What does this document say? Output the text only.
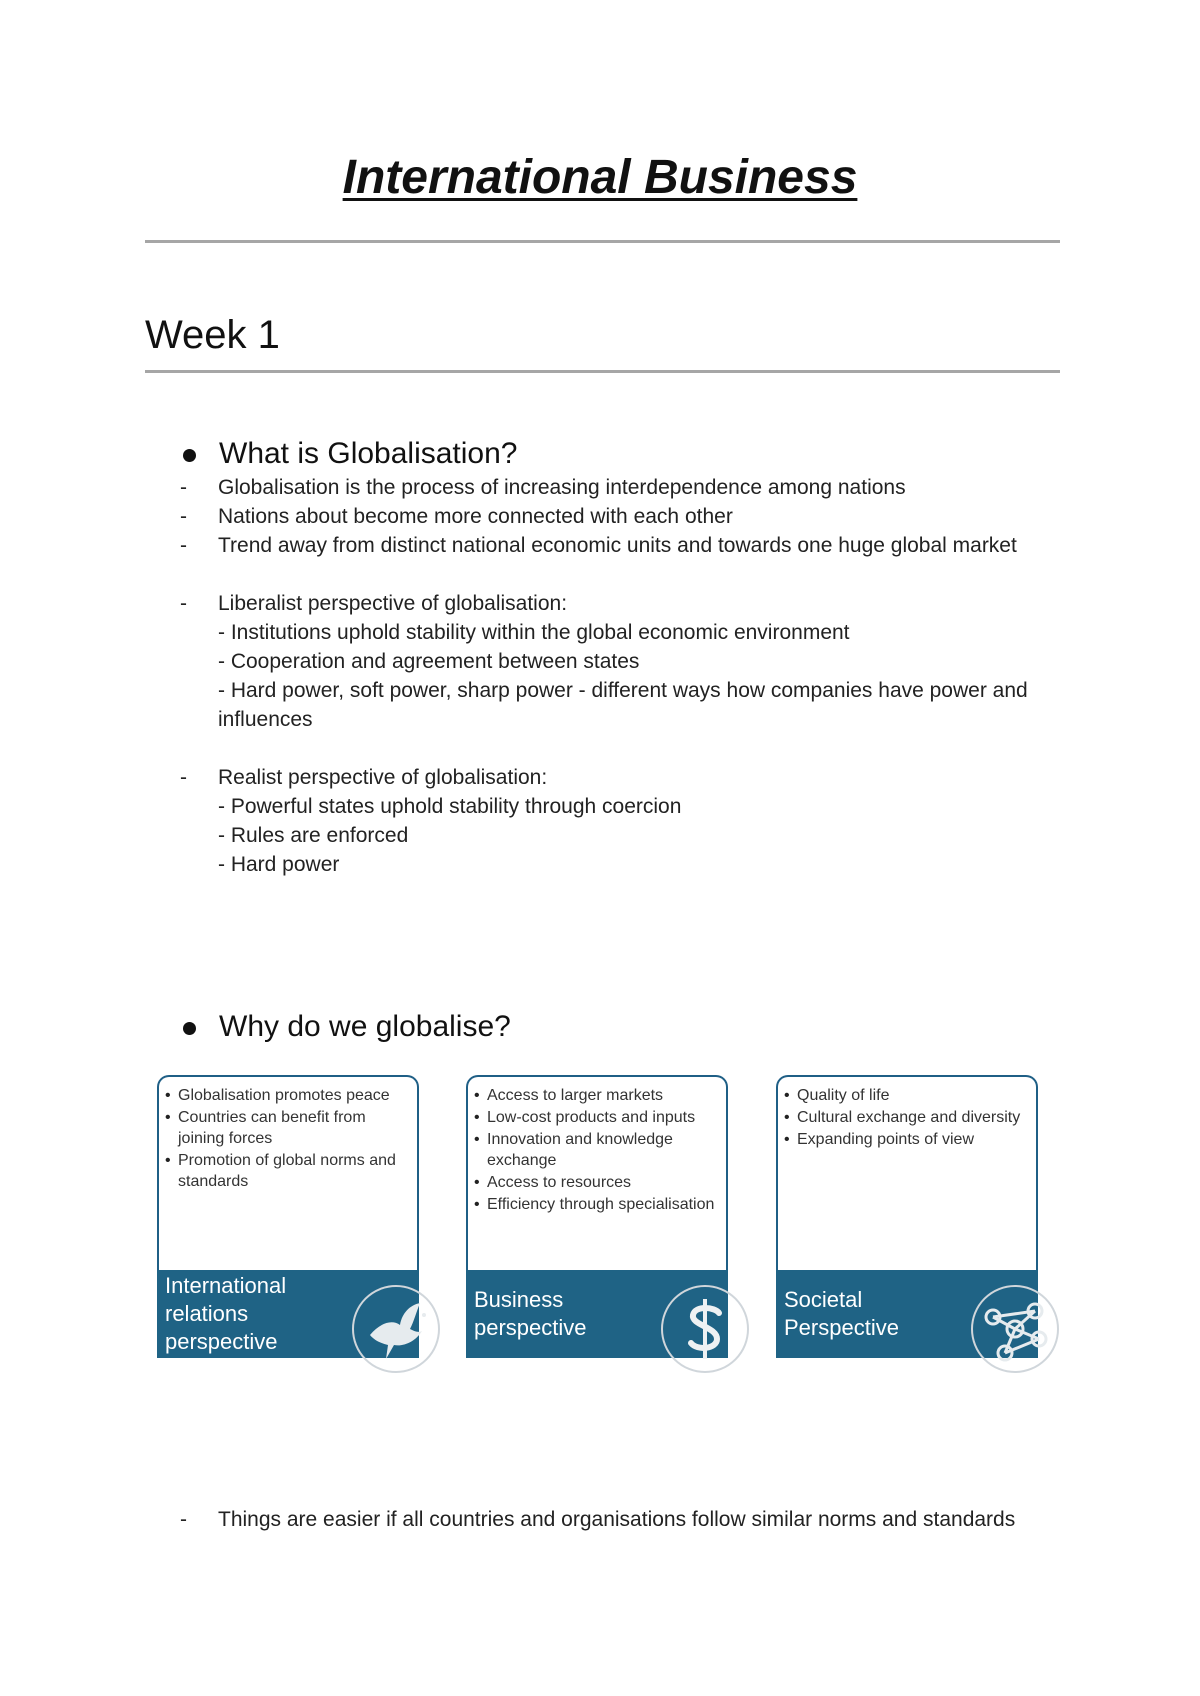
International Business
Week 1
What is Globalisation?
-	Globalisation is the process of increasing interdependence among nations
-	Nations about become more connected with each other
-	Trend away from distinct national economic units and towards one huge global market
-	Liberalist perspective of globalisation:
- Institutions uphold stability within the global economic environment
- Cooperation and agreement between states
- Hard power, soft power, sharp power - different ways how companies have power and influences
-	Realist perspective of globalisation:
- Powerful states uphold stability through coercion
- Rules are enforced
- Hard power
Why do we globalise?
• Globalisation promotes peace
• Countries can benefit from joining forces
• Promotion of global norms and standards
International relations perspective
• Access to larger markets
• Low-cost products and inputs
• Innovation and knowledge exchange
• Access to resources
• Efficiency through specialisation
Business perspective
• Quality of life
• Cultural exchange and diversity
• Expanding points of view
Societal Perspective
-	Things are easier if all countries and organisations follow similar norms and standards
